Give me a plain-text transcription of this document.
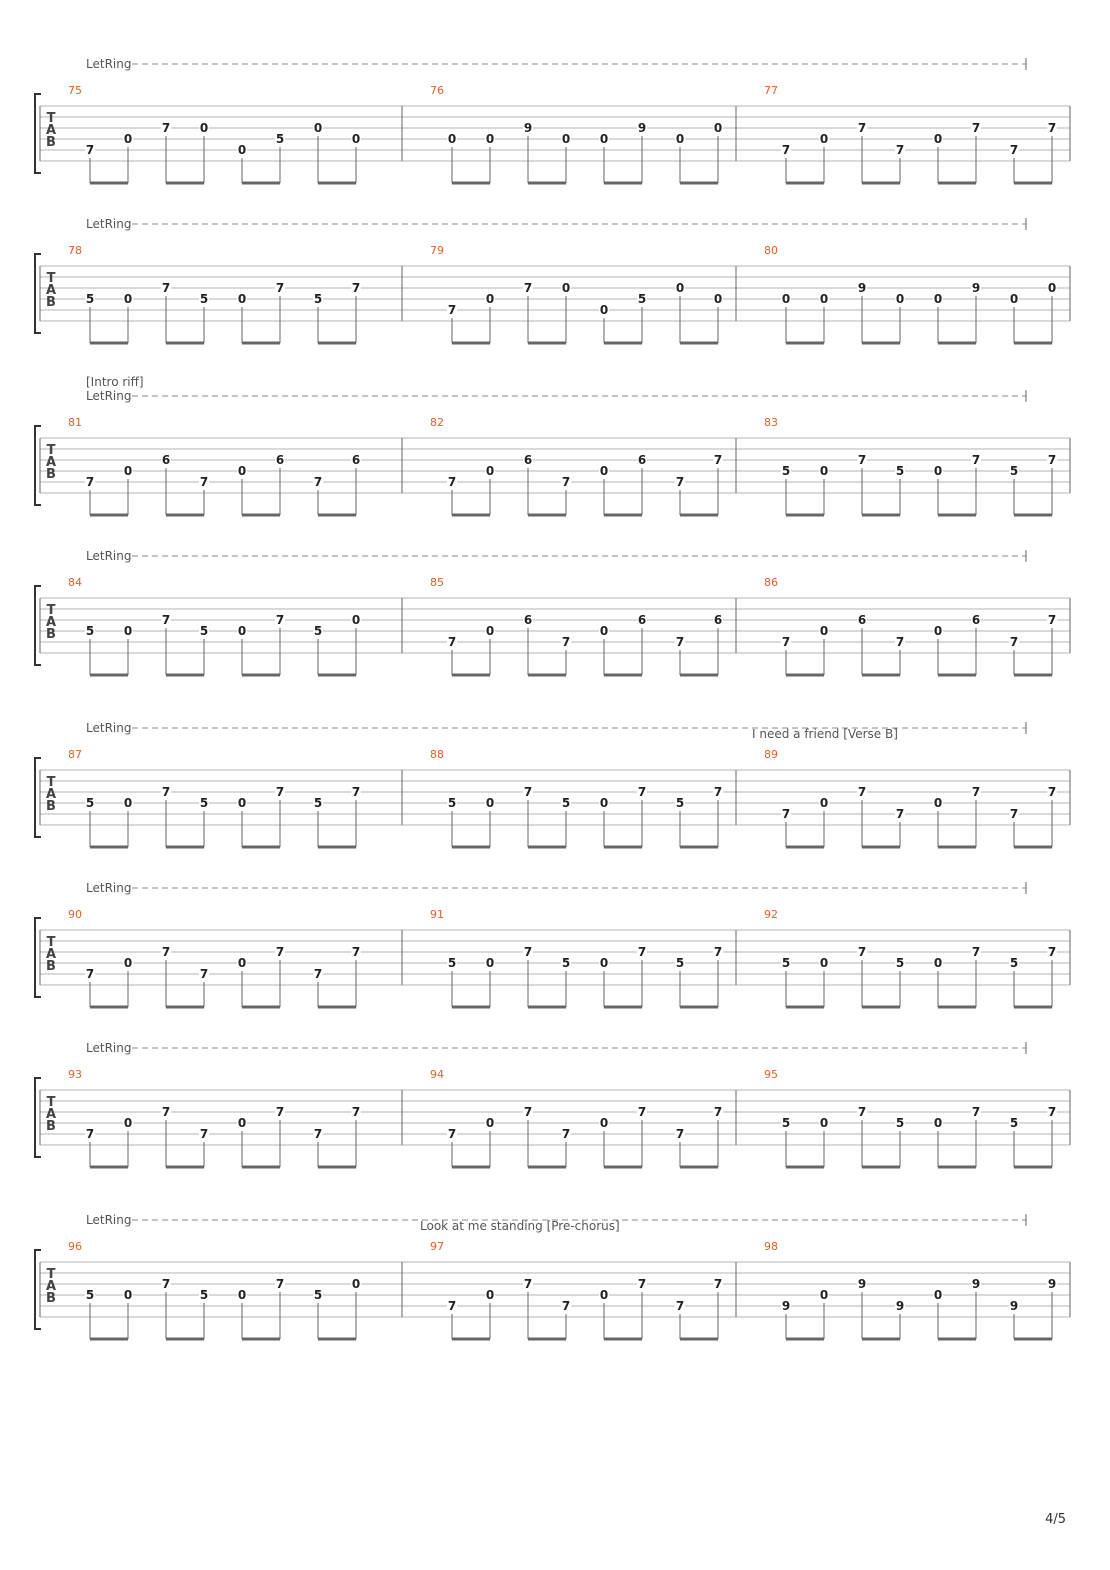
LetRing
T
A
B
75
7
0
7 0
0
5
0
0
76
0 0
9
0 0
9
0
0
77
7
0
7
7
0
7
7
7
LetRing
T
A
B
78
5 0
7
5 0
7
5
7
79
7
0
7 0
0
5
0
0
80
0 0
9
0 0
9
0
0
[Intro riff]
LetRing
T
A
B
81
7
0
6
7
0
6
7
6
82
7
0
6
7
0
6
7
7
83
5 0
7
5 0
7
5
7
LetRing
T
A
B
84
5 0
7
5 0
7
5
0
85
7
0
6
7
0
6
7
6
86
7
0
6
7
0
6
7
7
LetRing	I need a friend [Verse B]
T
A
B
87
5 0
7
5 0
7
5
7
88
5 0
7
5 0
7
5
7
89
7
0
7
7
0
7
7
7
LetRing
T
A
B
90
7
0
7
7
0
7
7
7
91
5 0
7
5 0
7
5
7
92
5 0
7
5 0
7
5
7
LetRing
T
A
B
93
7
0
7
7
0
7
7
7
94
7
0
7
7
0
7
7
7
95
5 0
7
5 0
7
5
7
LetRing	Look at me standing [Pre-chorus]
T
A
B
96
5 0
7
5 0
7
5
0
97
7
0
7
7
0
7
7
7
98
9
0
9
9
0
9
9
9
4/5
